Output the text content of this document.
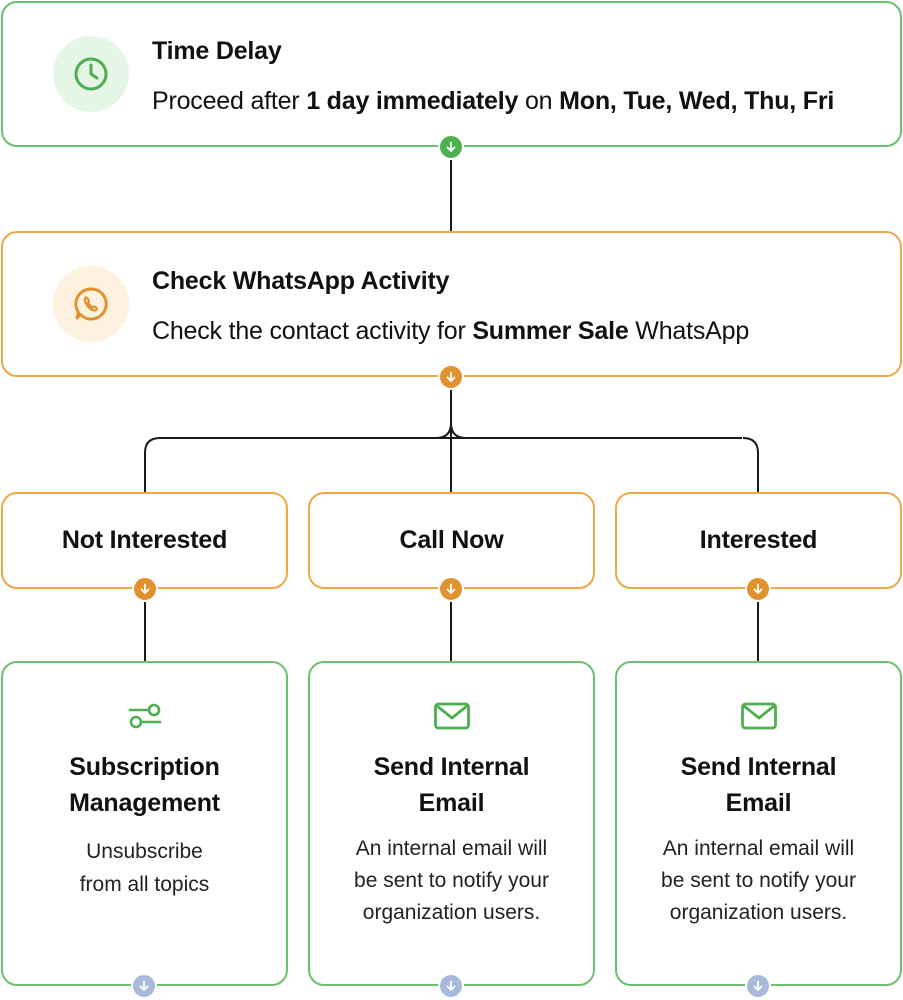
Time Delay
Proceed after 1 day immediately on Mon, Tue, Wed, Thu, Fri
Check WhatsApp Activity
Check the contact activity for Summer Sale WhatsApp
Not Interested	Call Now	Interested
Subscription
Management
Unsubscribe
from all topics
Send Internal
Email
An internal email will
be sent to notify your
organization users.
Send Internal
Email
An internal email will
be sent to notify your
organization users.
